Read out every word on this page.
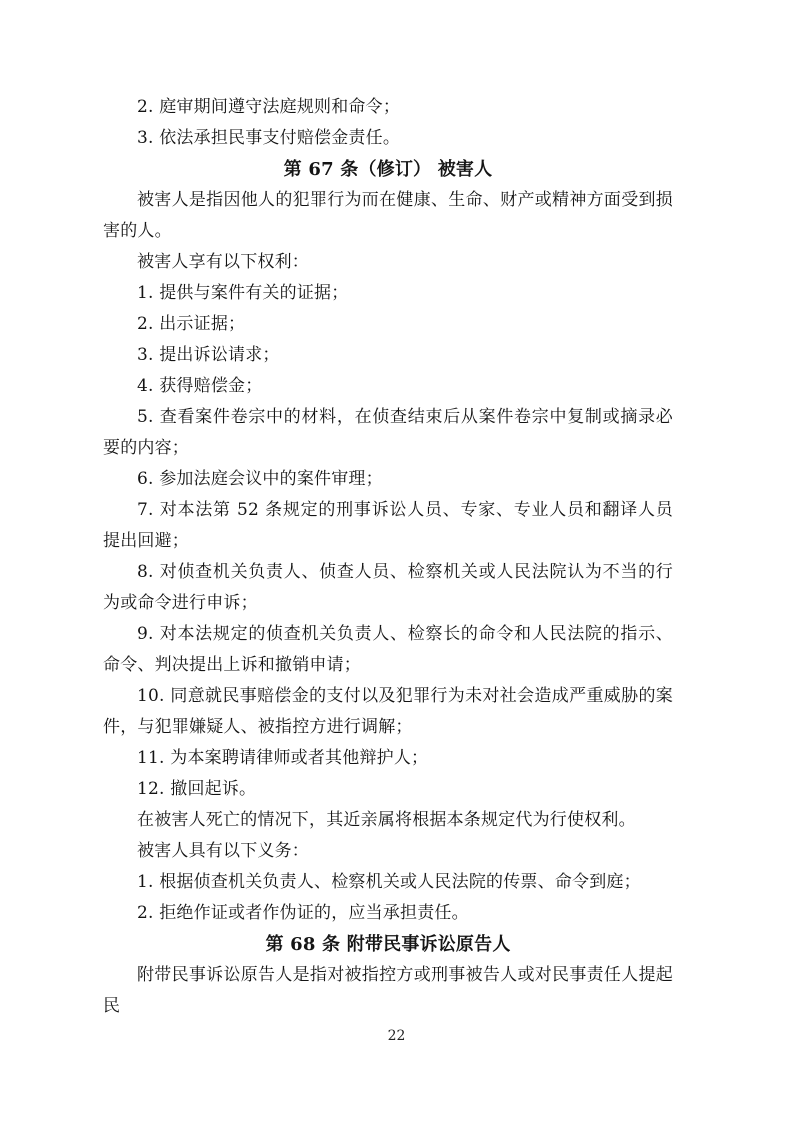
2. 庭审期间遵守法庭规则和命令；

3. 依法承担民事支付赔偿金责任。

第 67 条（修订） 被害人

被害人是指因他人的犯罪行为而在健康、生命、财产或精神方面受到损害的人。

被害人享有以下权利：

1. 提供与案件有关的证据；

2. 出示证据；

3. 提出诉讼请求；

4. 获得赔偿金；

5. 查看案件卷宗中的材料，在侦查结束后从案件卷宗中复制或摘录必要的内容；

6. 参加法庭会议中的案件审理；

7. 对本法第 52 条规定的刑事诉讼人员、专家、专业人员和翻译人员提出回避；

8. 对侦查机关负责人、侦查人员、检察机关或人民法院认为不当的行为或命令进行申诉；

9. 对本法规定的侦查机关负责人、检察长的命令和人民法院的指示、命令、判决提出上诉和撤销申请；

10. 同意就民事赔偿金的支付以及犯罪行为未对社会造成严重威胁的案件，与犯罪嫌疑人、被指控方进行调解；

11. 为本案聘请律师或者其他辩护人；

12. 撤回起诉。

在被害人死亡的情况下，其近亲属将根据本条规定代为行使权利。

被害人具有以下义务：

1. 根据侦查机关负责人、检察机关或人民法院的传票、命令到庭；

2. 拒绝作证或者作伪证的，应当承担责任。

第 68 条 附带民事诉讼原告人

附带民事诉讼原告人是指对被指控方或刑事被告人或对民事责任人提起民

22
